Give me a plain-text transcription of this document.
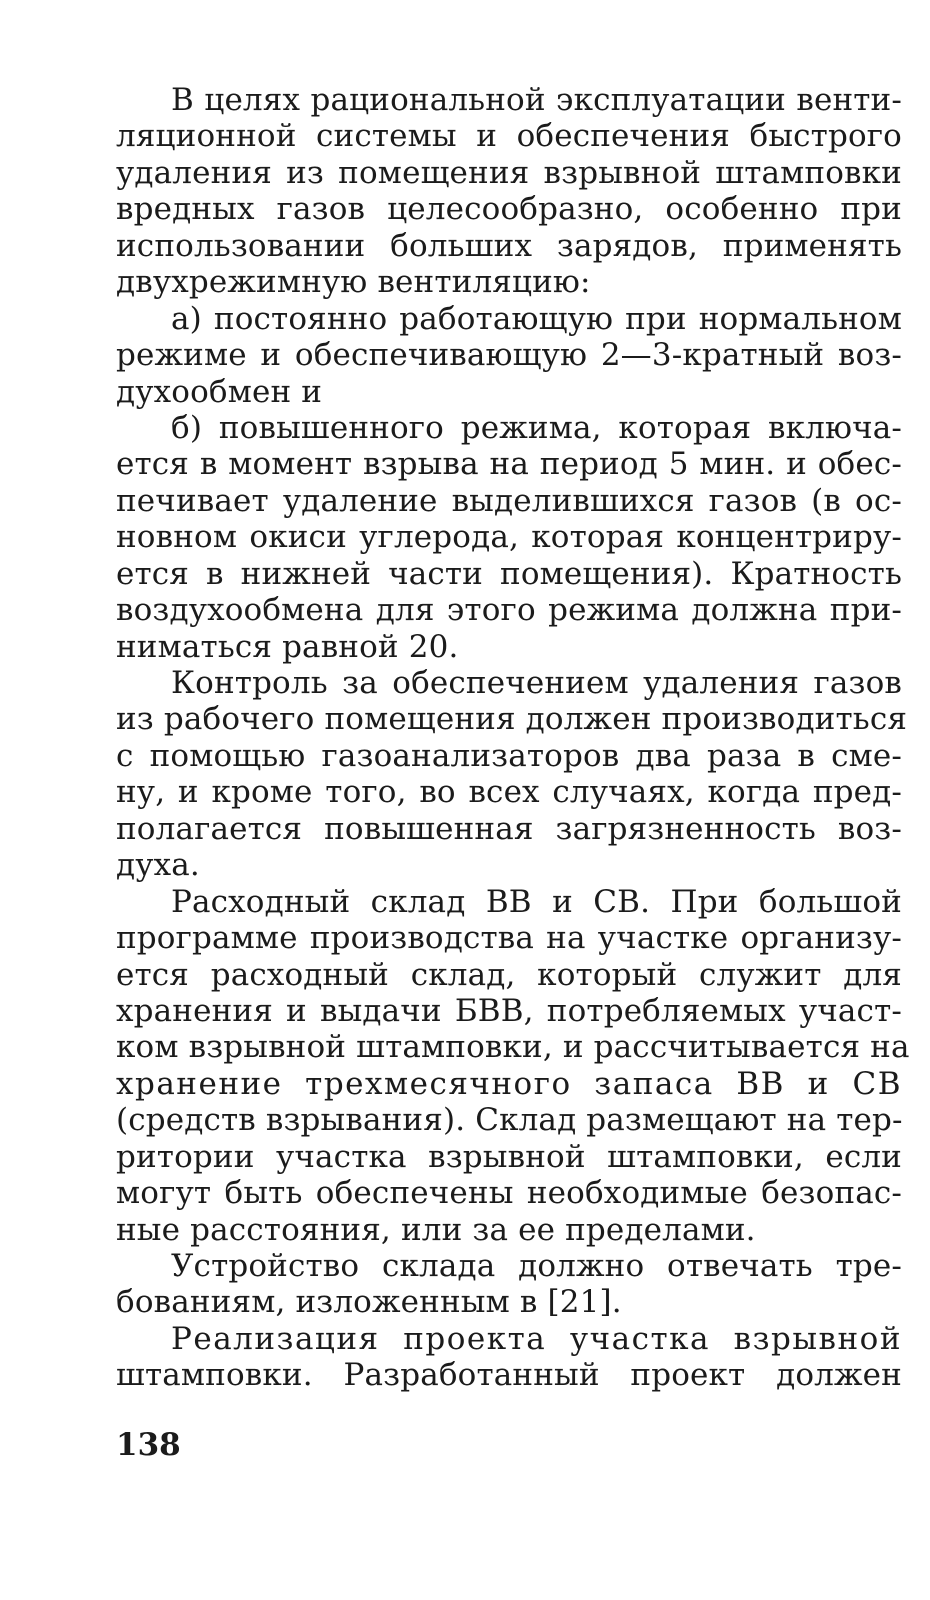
В целях рациональной эксплуатации венти-
ляционной системы и обеспечения быстрого
удаления из помещения взрывной штамповки
вредных газов целесообразно, особенно при
использовании больших зарядов, применять
двухрежимную вентиляцию:
а) постоянно работающую при нормальном
режиме и обеспечивающую 2—3-кратный воз-
духообмен и
б) повышенного режима, которая включа-
ется в момент взрыва на период 5 мин. и обес-
печивает удаление выделившихся газов (в ос-
новном окиси углерода, которая концентриру-
ется в нижней части помещения). Кратность
воздухообмена для этого режима должна при-
ниматься равной 20.
Контроль за обеспечением удаления газов
из рабочего помещения должен производиться
с помощью газоанализаторов два раза в сме-
ну, и кроме того, во всех случаях, когда пред-
полагается повышенная загрязненность воз-
духа.
Расходный склад ВВ и СВ. При большой
программе производства на участке организу-
ется расходный склад, который служит для
хранения и выдачи БВВ, потребляемых участ-
ком взрывной штамповки, и рассчитывается на
хранение трехмесячного запаса ВВ и СВ
(средств взрывания). Склад размещают на тер-
ритории участка взрывной штамповки, если
могут быть обеспечены необходимые безопас-
ные расстояния, или за ее пределами.
Устройство склада должно отвечать тре-
бованиям, изложенным в [21].
Реализация проекта участка взрывной
штамповки. Разработанный проект должен
138
